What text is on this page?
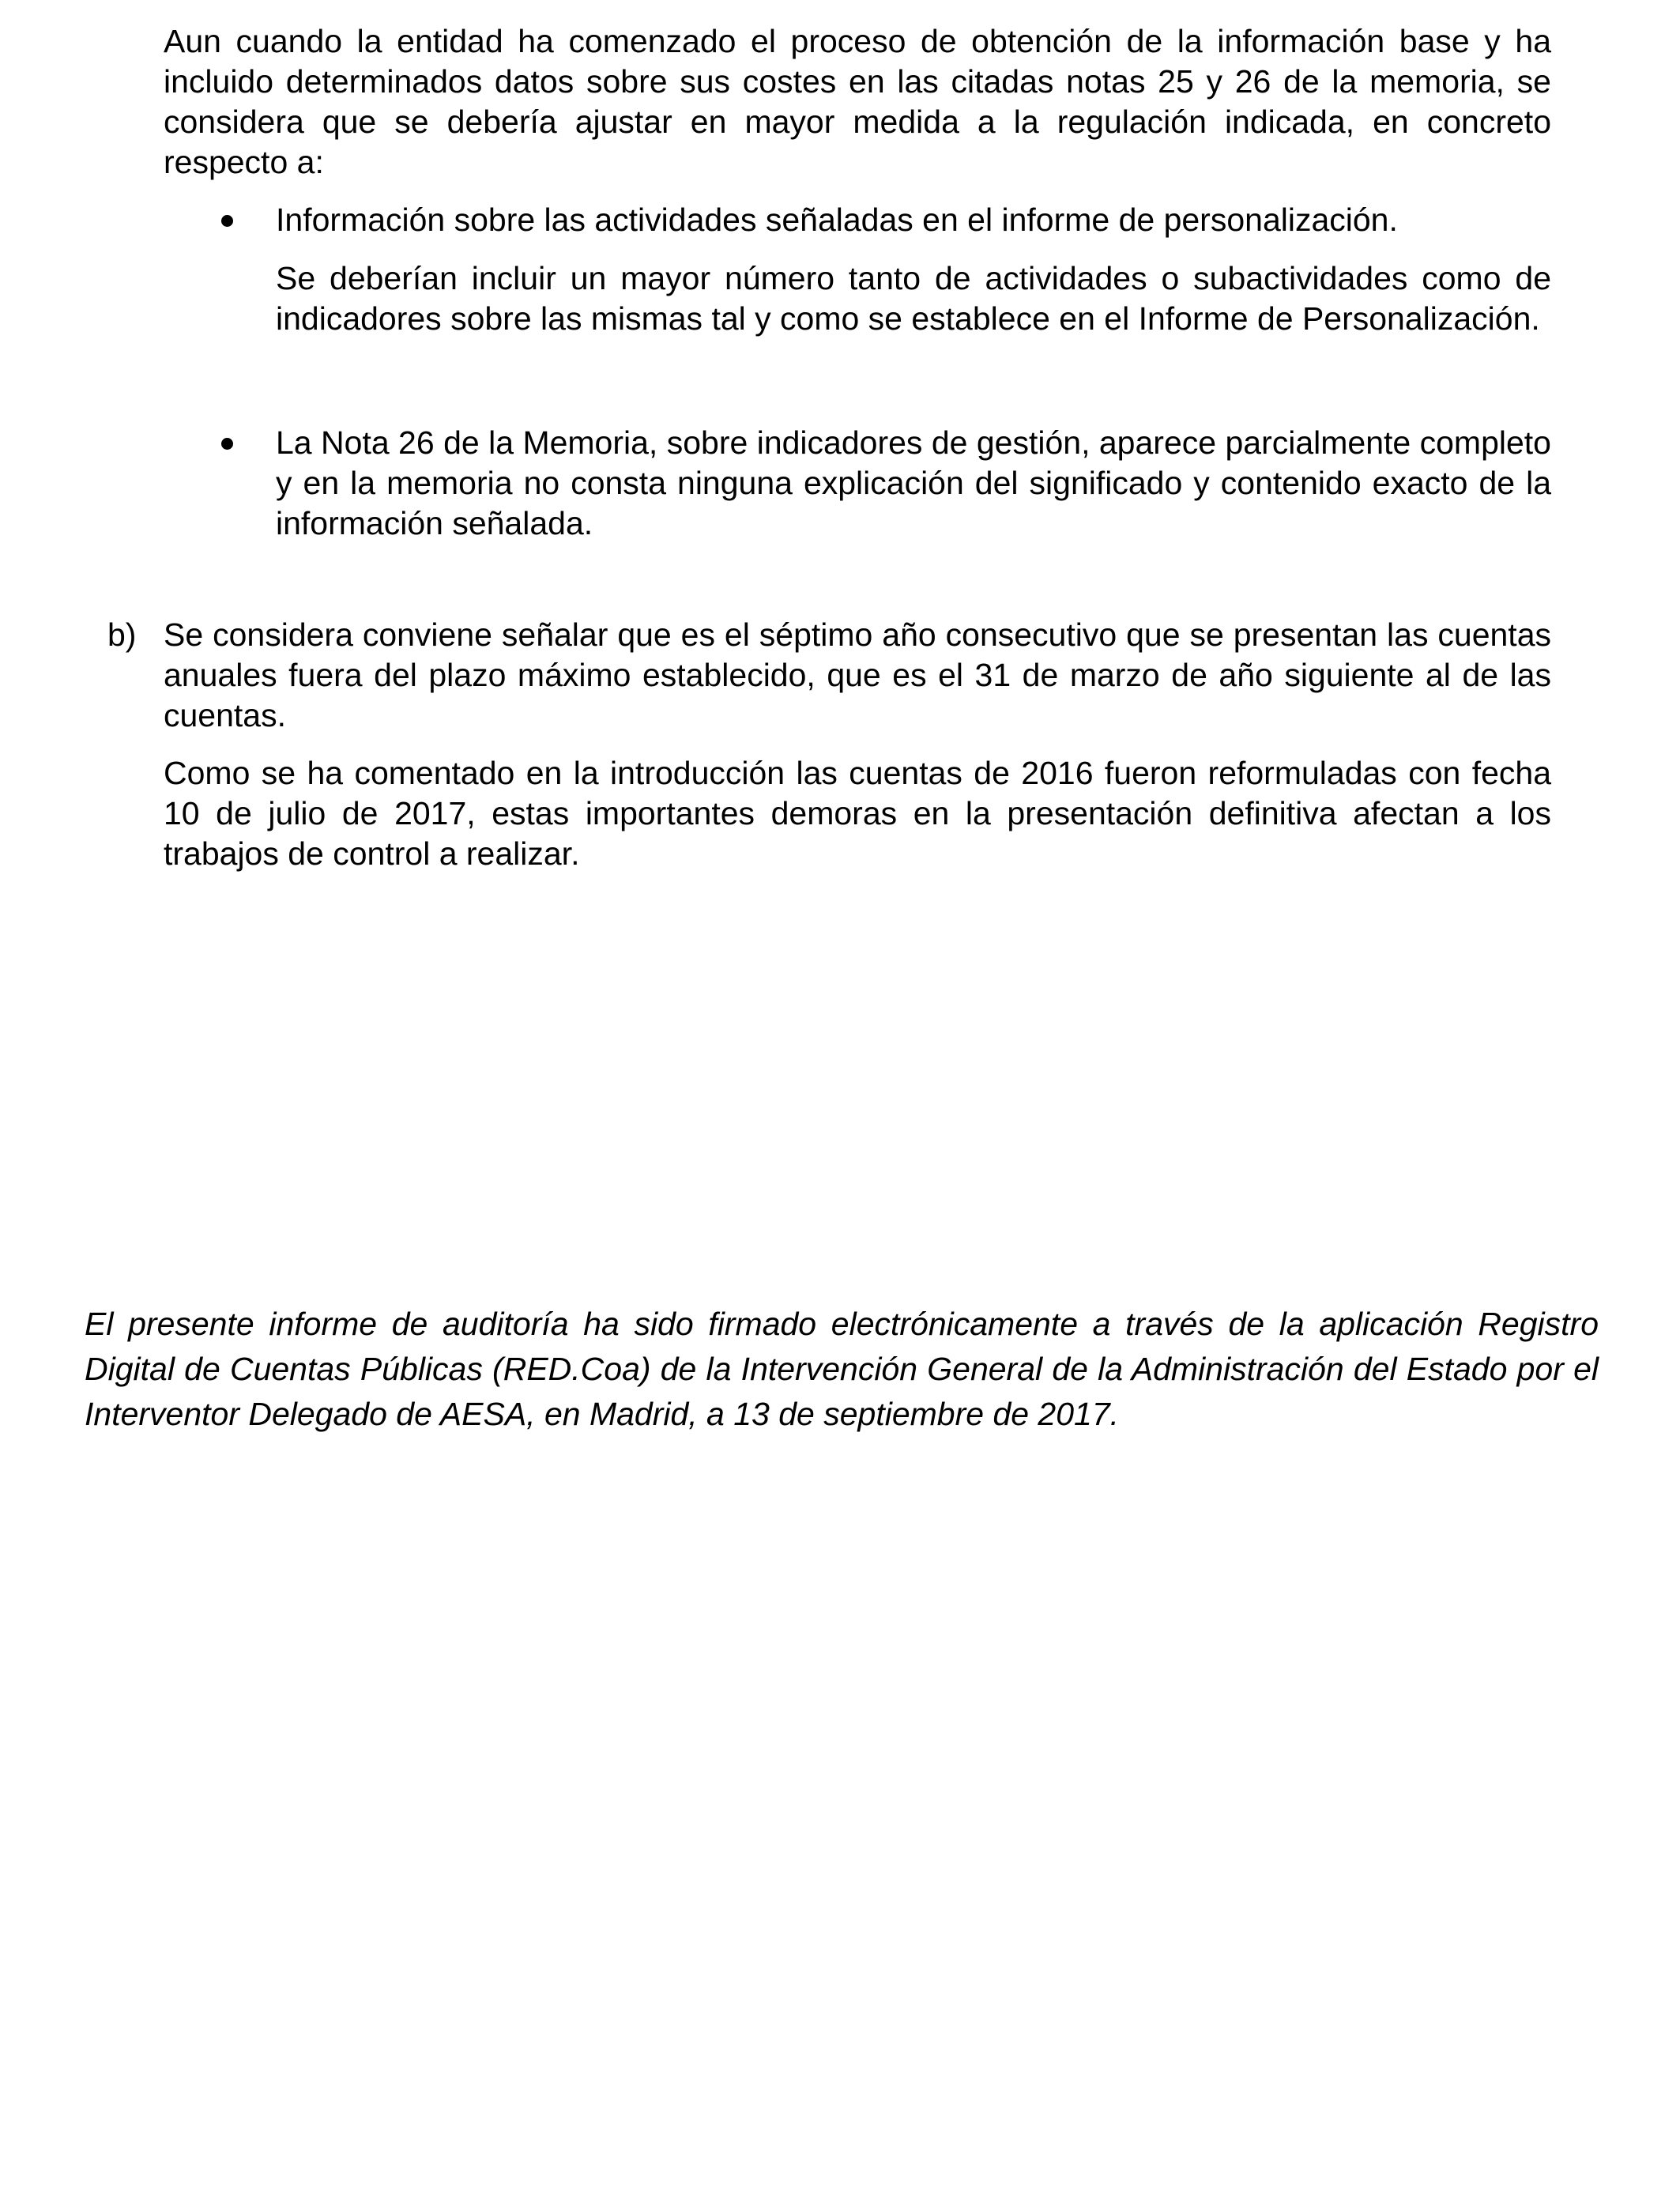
Aun cuando la entidad ha comenzado el proceso de obtención de la información base y ha incluido determinados datos sobre sus costes en las citadas notas 25 y 26 de la memoria, se considera que se debería ajustar en mayor medida a la regulación indicada, en concreto respecto a:

Información sobre las actividades señaladas en el informe de personalización.

Se deberían incluir un mayor número tanto de actividades o subactividades como de indicadores sobre las mismas tal y como se establece en el Informe de Personalización.

La Nota 26 de la Memoria, sobre indicadores de gestión, aparece parcialmente completo y en la memoria no consta ninguna explicación del significado y contenido exacto de la información señalada.

b) Se considera conviene señalar que es el séptimo año consecutivo que se presentan las cuentas anuales fuera del plazo máximo establecido, que es el 31 de marzo de año siguiente al de las cuentas.

Como se ha comentado en la introducción las cuentas de 2016 fueron reformuladas con fecha 10 de julio de 2017, estas importantes demoras en la presentación definitiva afectan a los trabajos de control a realizar.

El presente informe de auditoría ha sido firmado electrónicamente a través de la aplicación Registro Digital de Cuentas Públicas (RED.Coa) de la Intervención General de la Administración del Estado por el Interventor Delegado de AESA, en Madrid, a 13 de septiembre de 2017.
